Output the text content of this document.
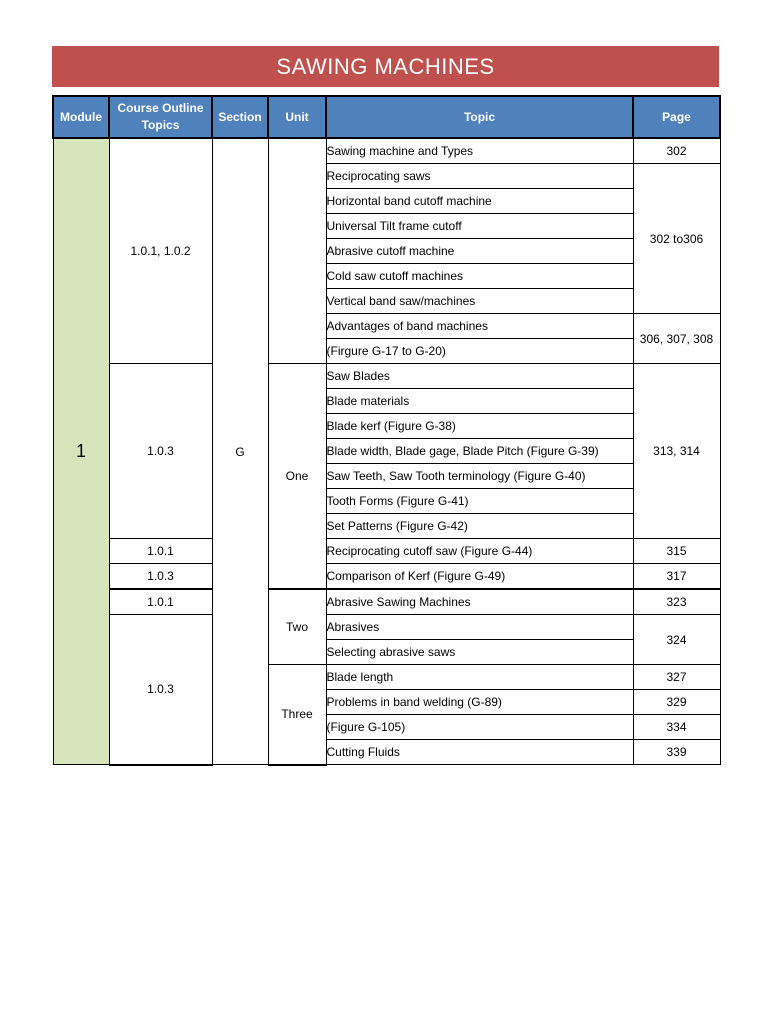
SAWING MACHINES
Module	Course Outline Topics	Section	Unit	Topic	Page
1	1.0.1, 1.0.2	G		Sawing machine and Types	302
				Reciprocating saws	302 to306
				Horizontal band cutoff machine	
				Universal Tilt frame cutoff	
				Abrasive cutoff machine	
				Cold saw cutoff machines	
				Vertical band saw/machines	
				Advantages of band machines	306, 307, 308
				(Firgure G-17 to G-20)	
	1.0.3		One	Saw Blades	313, 314
				Blade materials	
				Blade kerf (Figure G-38)	
				Blade width, Blade gage, Blade Pitch (Figure G-39)	
				Saw Teeth, Saw Tooth terminology (Figure G-40)	
				Tooth Forms (Figure G-41)	
				Set Patterns (Figure G-42)	
	1.0.1			Reciprocating cutoff saw (Figure G-44)	315
	1.0.3			Comparison of Kerf (Figure G-49)	317
	1.0.1		Two	Abrasive Sawing Machines	323
	1.0.3			Abrasives	324
				Selecting abrasive saws	
			Three	Blade length	327
				Problems in band welding (G-89)	329
				(Figure G-105)	334
				Cutting Fluids	339
